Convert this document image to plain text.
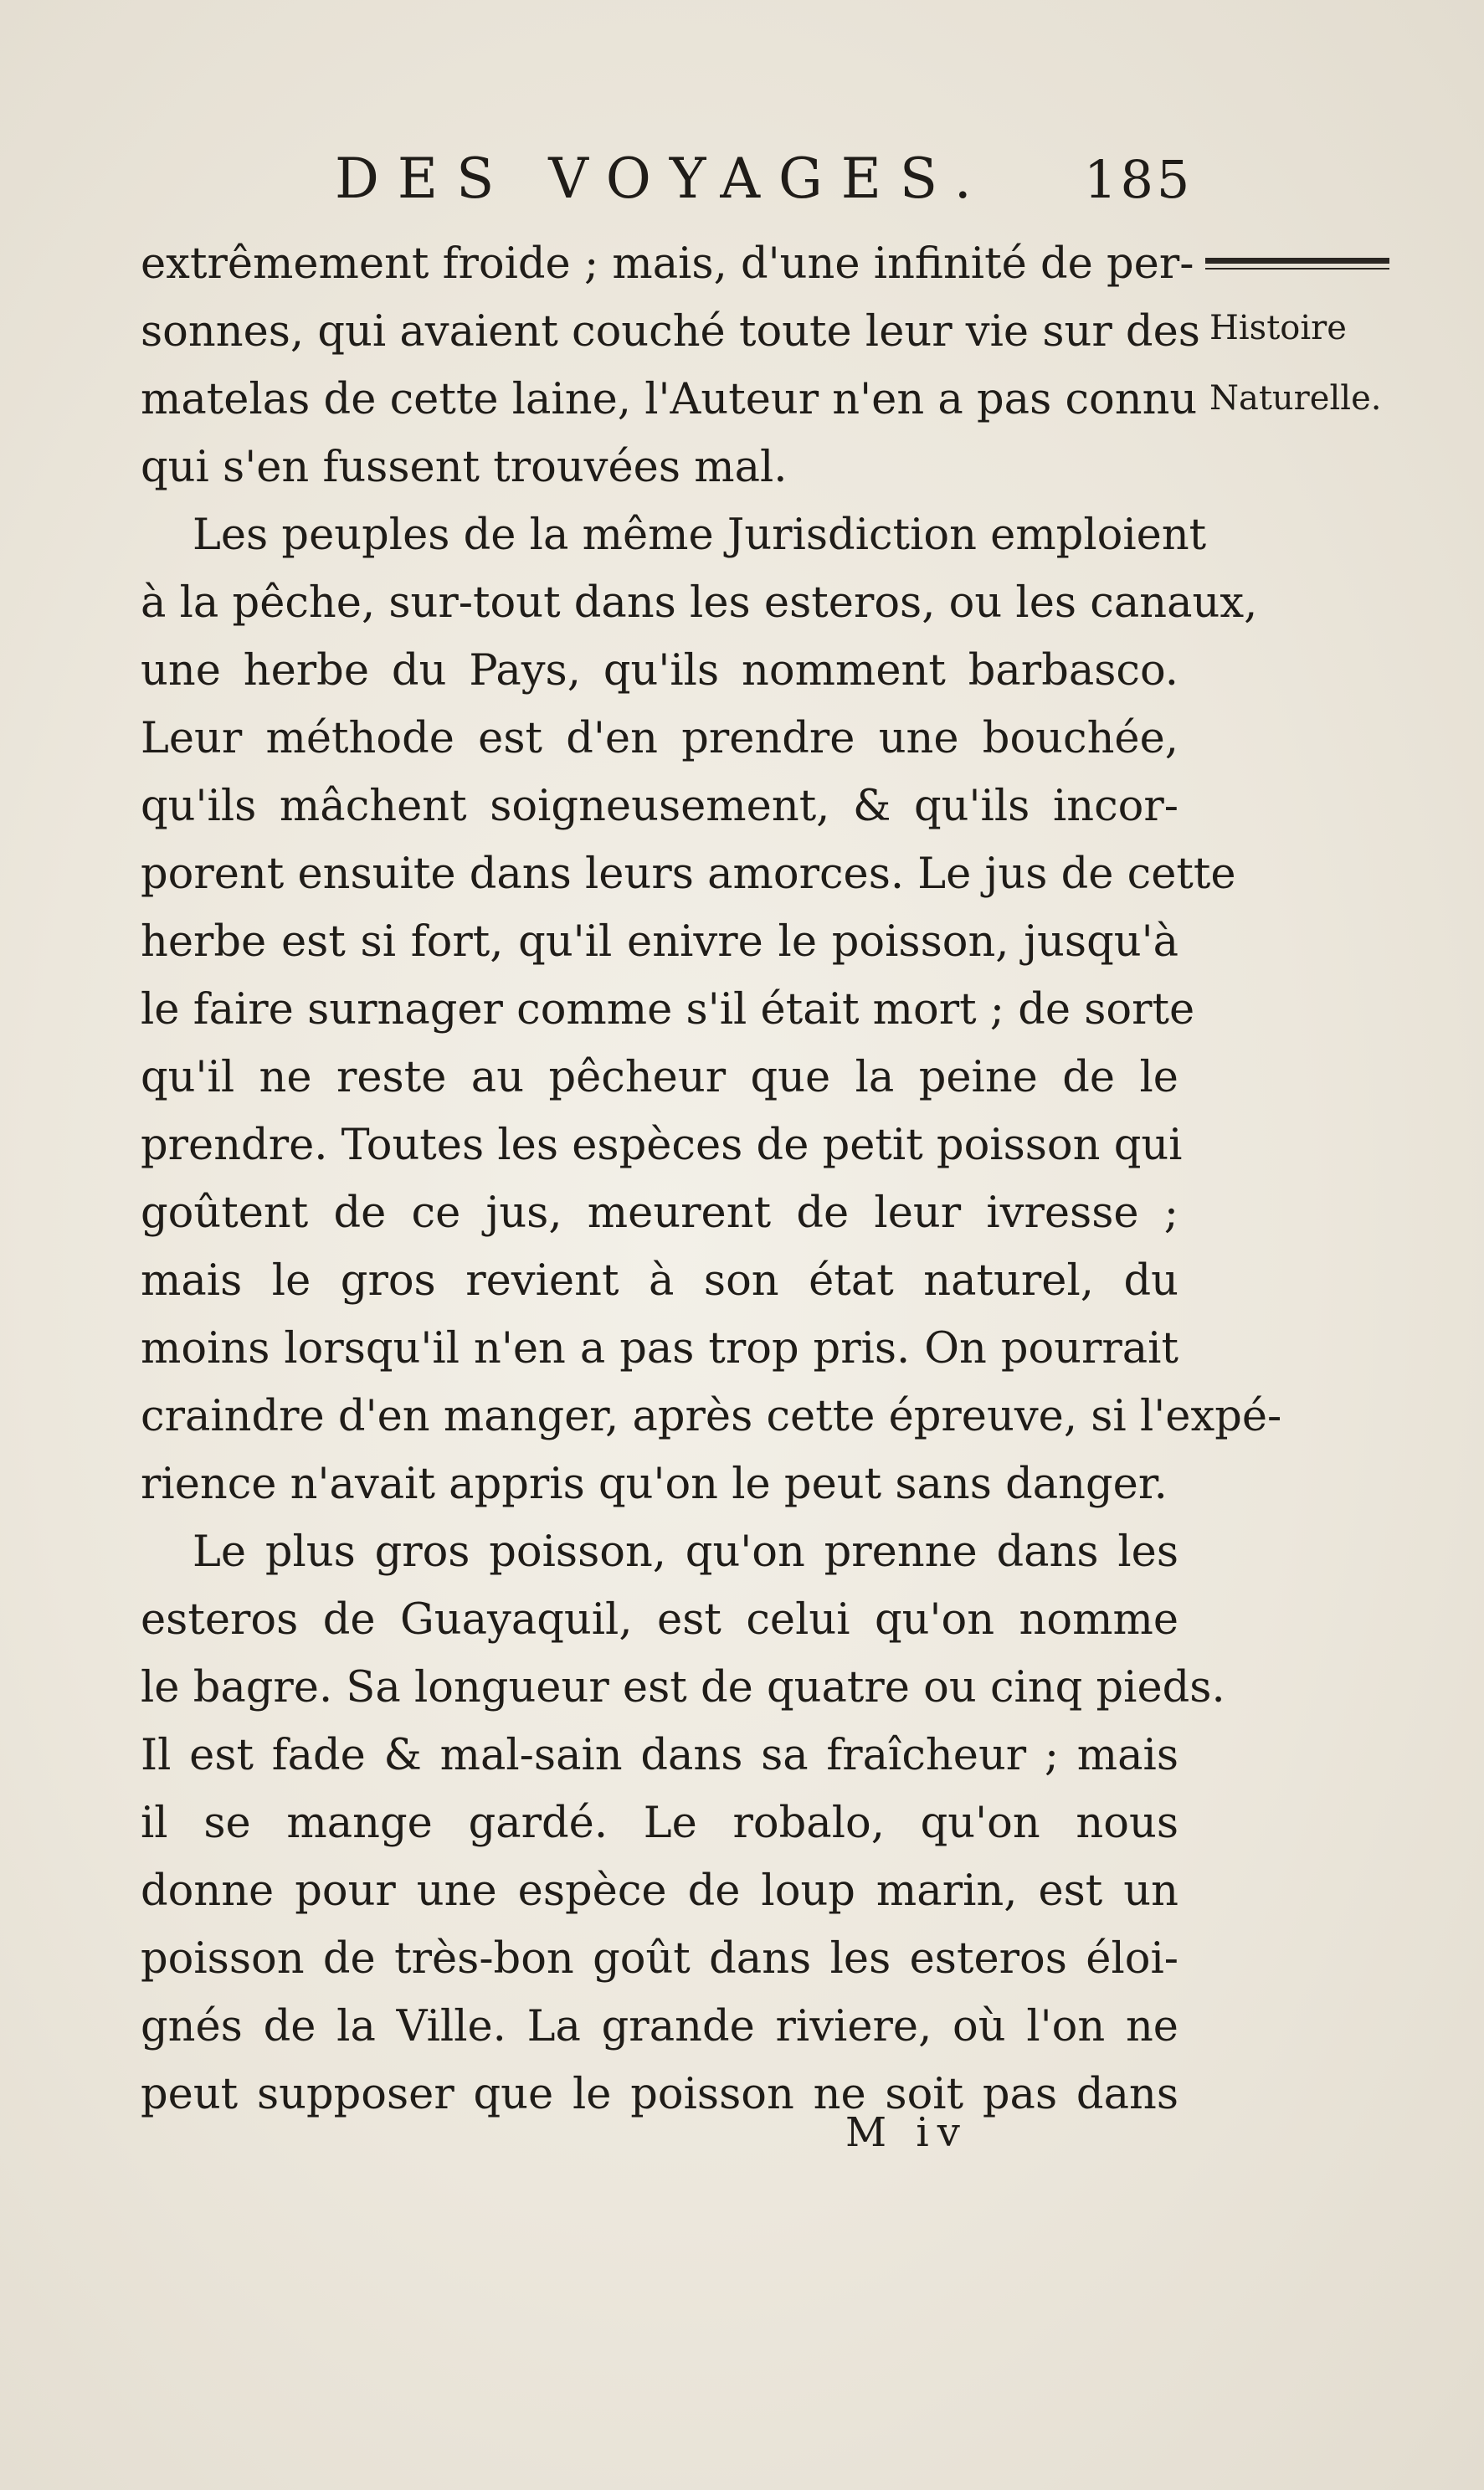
DES VOYAGES. 185
Histoire
Naturelle.
extrêmement froide ; mais, d'une infinité de per-
sonnes, qui avaient couché toute leur vie sur des
matelas de cette laine, l'Auteur n'en a pas connu
qui s'en fussent trouvées mal.
Les peuples de la même Jurisdiction emploient
à la pêche, sur-tout dans les esteros, ou les canaux,
une herbe du Pays, qu'ils nomment barbasco.
Leur méthode est d'en prendre une bouchée,
qu'ils mâchent soigneusement, & qu'ils incor-
porent ensuite dans leurs amorces. Le jus de cette
herbe est si fort, qu'il enivre le poisson, jusqu'à
le faire surnager comme s'il était mort ; de sorte
qu'il ne reste au pêcheur que la peine de le
prendre. Toutes les espèces de petit poisson qui
goûtent de ce jus, meurent de leur ivresse ;
mais le gros revient à son état naturel, du
moins lorsqu'il n'en a pas trop pris. On pourrait
craindre d'en manger, après cette épreuve, si l'expé-
rience n'avait appris qu'on le peut sans danger.
Le plus gros poisson, qu'on prenne dans les
esteros de Guayaquil, est celui qu'on nomme
le bagre. Sa longueur est de quatre ou cinq pieds.
Il est fade & mal-sain dans sa fraîcheur ; mais
il se mange gardé. Le robalo, qu'on nous
donne pour une espèce de loup marin, est un
poisson de très-bon goût dans les esteros éloi-
gnés de la Ville. La grande riviere, où l'on ne
peut supposer que le poisson ne soit pas dans
M iv
